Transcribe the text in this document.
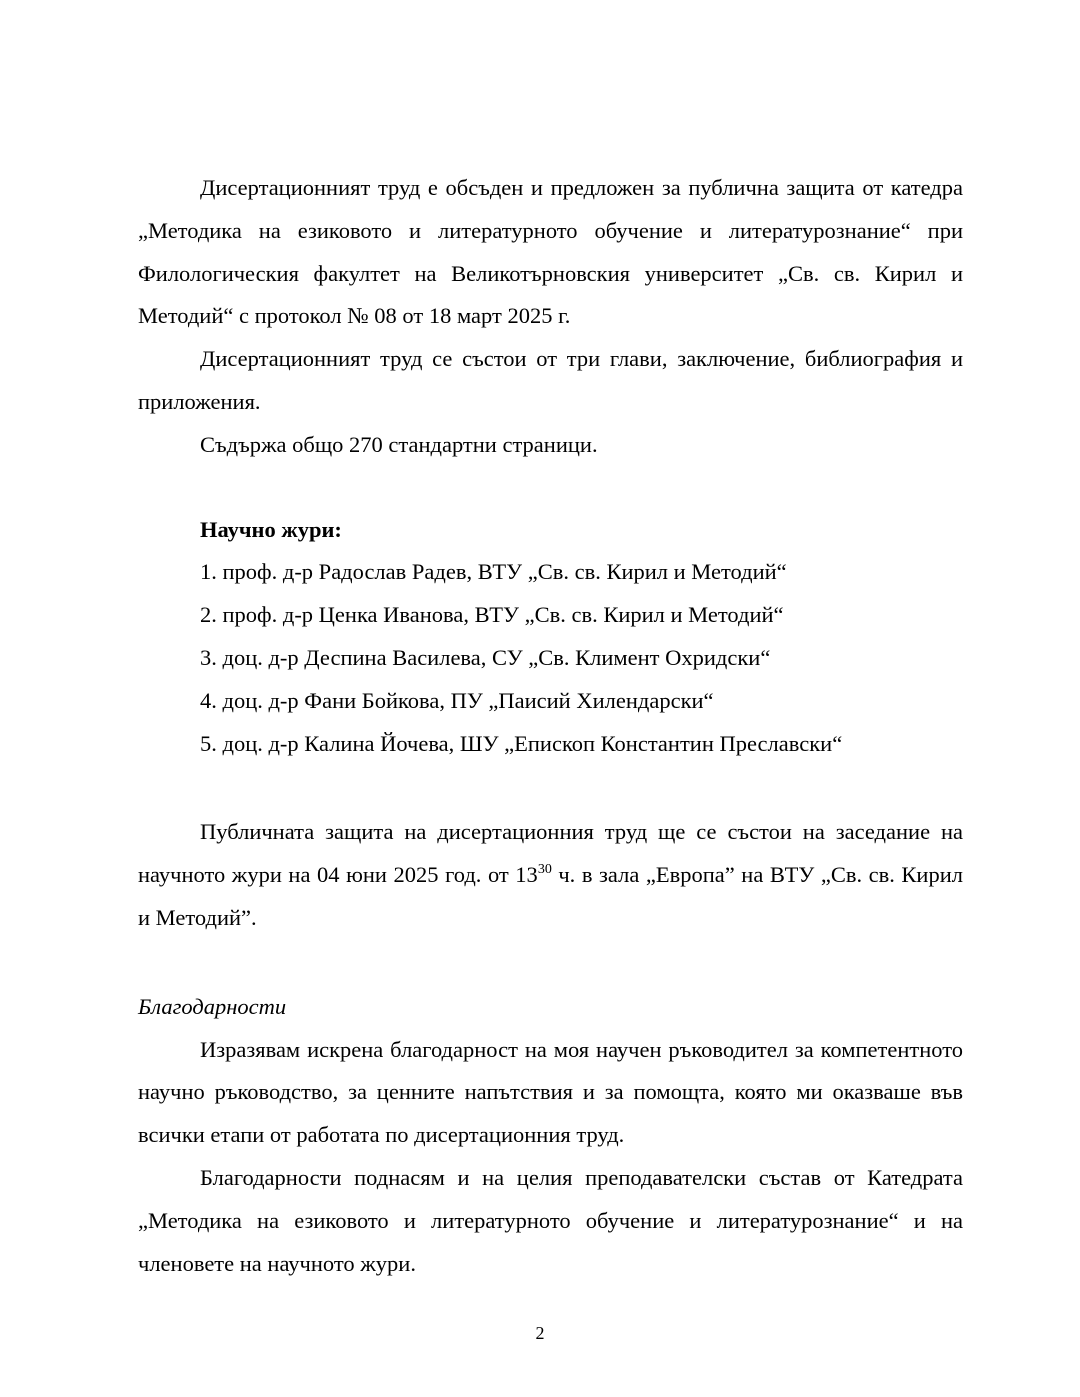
Дисертационният труд е обсъден и предложен за публична защита от катедра „Методика на езиковото и литературното обучение и литературознание“ при Филологическия факултет на Великотърновския университет „Св. св. Кирил и Методий“ с протокол № 08 от 18 март 2025 г.

Дисертационният труд се състои от три глави, заключение, библиография и приложения.

Съдържа общо 270 стандартни страници.

Научно жури:

1. проф. д-р Радослав Радев, ВТУ „Св. св. Кирил и Методий“

2. проф. д-р Ценка Иванова, ВТУ „Св. св. Кирил и Методий“

3. доц. д-р Деспина Василева, СУ „Св. Климент Охридски“

4. доц. д-р Фани Бойкова, ПУ „Паисий Хилендарски“

5. доц. д-р Калина Йочева, ШУ „Епископ Константин Преславски“

Публичната защита на дисертационния труд ще се състои на заседание на научното жури на 04 юни 2025 год. от $13^{30}$ ч. в зала „Европа” на ВТУ „Св. св. Кирил и Методий”.

Благодарности

Изразявам искрена благодарност на моя научен ръководител за компетентното научно ръководство, за ценните напътствия и за помощта, която ми оказваше във всички етапи от работата по дисертационния труд.

Благодарности поднасям и на целия преподавателски състав от Катедрата „Методика на езиковото и литературното обучение и литературознание“ и на членовете на научното жури.

2
